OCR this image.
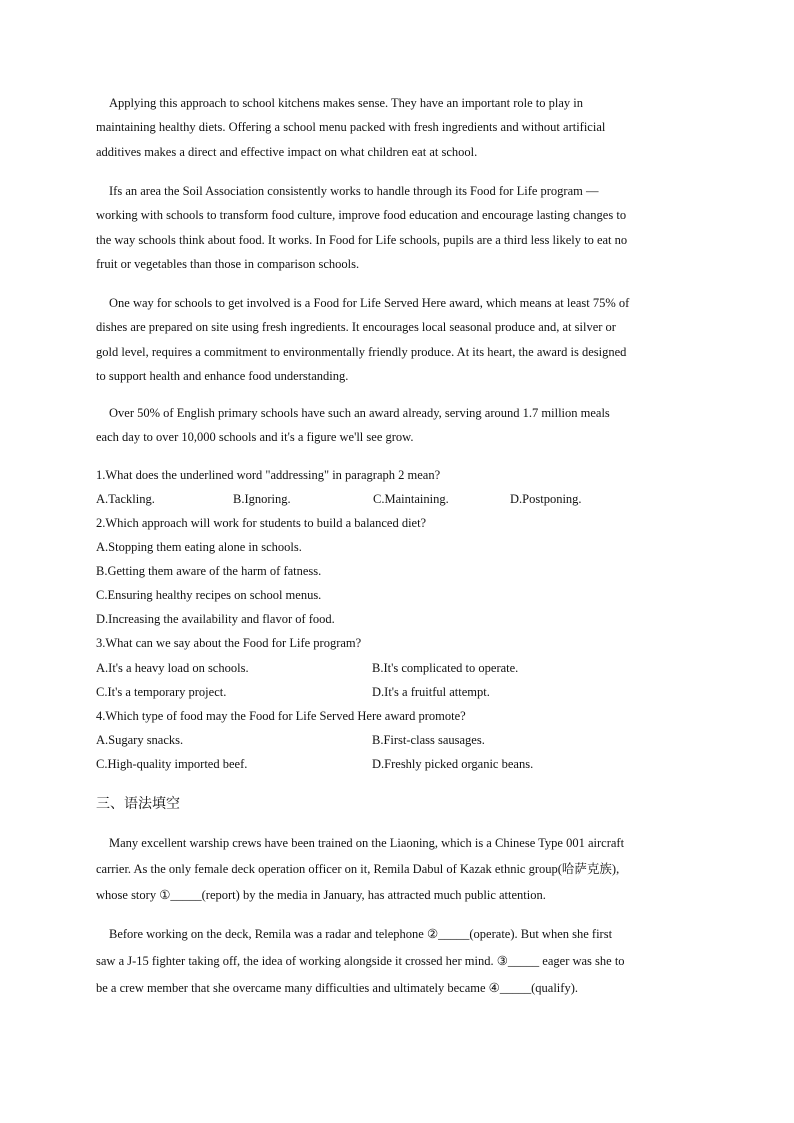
Applying this approach to school kitchens makes sense. They have an important role to play in
maintaining healthy diets. Offering a school menu packed with fresh ingredients and without artificial
additives makes a direct and effective impact on what children eat at school.

Ifs an area the Soil Association consistently works to handle through its Food for Life program —
working with schools to transform food culture, improve food education and encourage lasting changes to
the way schools think about food. It works. In Food for Life schools, pupils are a third less likely to eat no
fruit or vegetables than those in comparison schools.

One way for schools to get involved is a Food for Life Served Here award, which means at least 75% of
dishes are prepared on site using fresh ingredients. It encourages local seasonal produce and, at silver or
gold level, requires a commitment to environmentally friendly produce. At its heart, the award is designed
to support health and enhance food understanding.

Over 50% of English primary schools have such an award already, serving around 1.7 million meals
each day to over 10,000 schools and it's a figure we'll see grow.

1.What does the underlined word "addressing" in paragraph 2 mean?
A.Tackling.	B.Ignoring.	C.Maintaining.	D.Postponing.
2.Which approach will work for students to build a balanced diet?
A.Stopping them eating alone in schools.
B.Getting them aware of the harm of fatness.
C.Ensuring healthy recipes on school menus.
D.Increasing the availability and flavor of food.
3.What can we say about the Food for Life program?
A.It's a heavy load on schools.	B.It's complicated to operate.
C.It's a temporary project.	D.It's a fruitful attempt.
4.Which type of food may the Food for Life Served Here award promote?
A.Sugary snacks.	B.First-class sausages.
C.High-quality imported beef.	D.Freshly picked organic beans.
三、语法填空

Many excellent warship crews have been trained on the Liaoning, which is a Chinese Type 001 aircraft
carrier. As the only female deck operation officer on it, Remila Dabul of Kazak ethnic group(哈萨克族),
whose story ①_____(report) by the media in January, has attracted much public attention.

Before working on the deck, Remila was a radar and telephone ②_____(operate). But when she first
saw a J-15 fighter taking off, the idea of working alongside it crossed her mind. ③_____ eager was she to
be a crew member that she overcame many difficulties and ultimately became ④_____(qualify).
